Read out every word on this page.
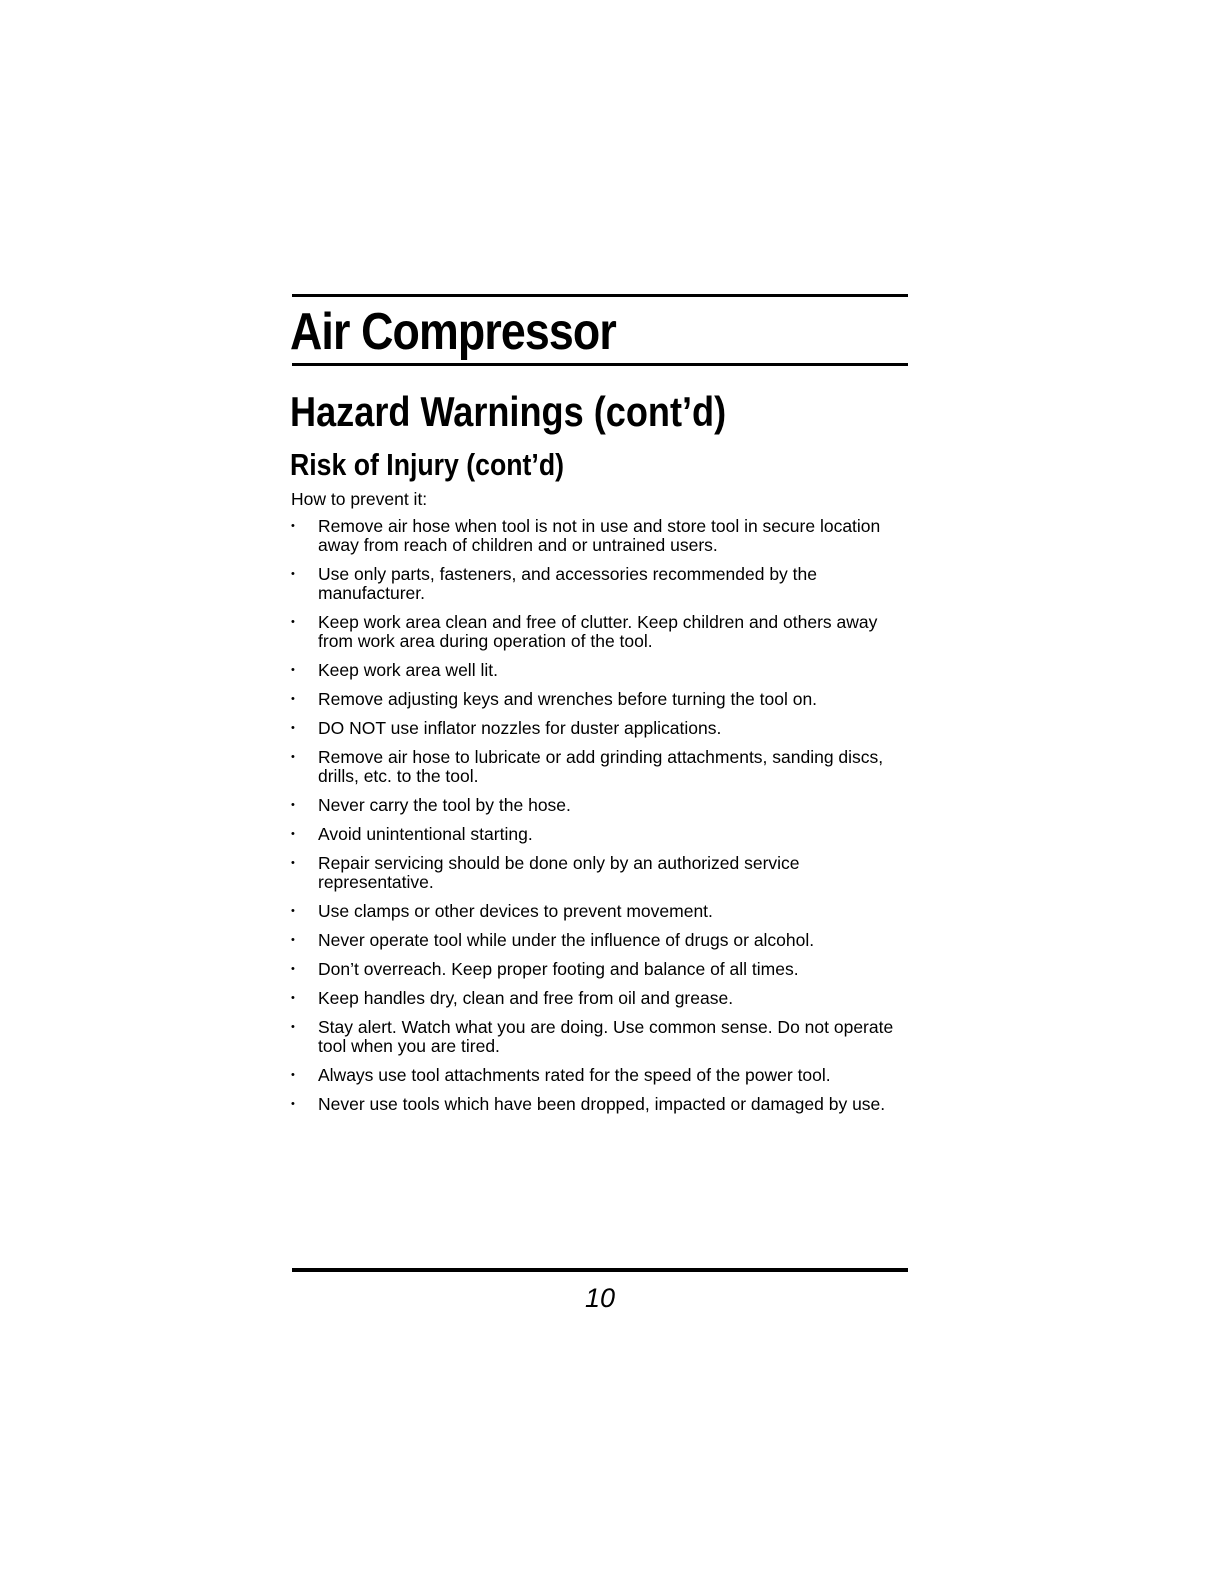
Air Compressor
Hazard Warnings (cont’d)
Risk of Injury (cont’d)

How to prevent it:

• Remove air hose when tool is not in use and store tool in secure location away from reach of children and or untrained users.
• Use only parts, fasteners, and accessories recommended by the manufacturer.
• Keep work area clean and free of clutter. Keep children and others away from work area during operation of the tool.
• Keep work area well lit.
• Remove adjusting keys and wrenches before turning the tool on.
• DO NOT use inflator nozzles for duster applications.
• Remove air hose to lubricate or add grinding attachments, sanding discs, drills, etc. to the tool.
• Never carry the tool by the hose.
• Avoid unintentional starting.
• Repair servicing should be done only by an authorized service representative.
• Use clamps or other devices to prevent movement.
• Never operate tool while under the influence of drugs or alcohol.
• Don’t overreach. Keep proper footing and balance of all times.
• Keep handles dry, clean and free from oil and grease.
• Stay alert. Watch what you are doing. Use common sense. Do not operate tool when you are tired.
• Always use tool attachments rated for the speed of the power tool.
• Never use tools which have been dropped, impacted or damaged by use.

10
